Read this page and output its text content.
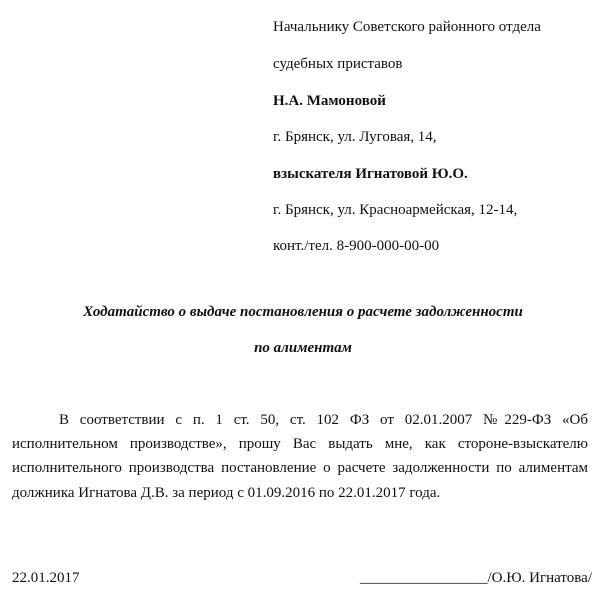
Начальнику Советского районного отдела
судебных приставов
Н.А. Мамоновой
г. Брянск, ул. Луговая, 14,
взыскателя Игнатовой Ю.О.
г. Брянск, ул. Красноармейская, 12-14,
конт./тел. 8-900-000-00-00
Ходатайство о выдаче постановления о расчете задолженности
по алиментам
В соответствии с п. 1 ст. 50, ст. 102 ФЗ от 02.01.2007 №229-ФЗ «Об исполнительном производстве», прошу Вас выдать мне, как стороне-взыскателю исполнительного производства постановление о расчете задолженности по алиментам должника Игнатова Д.В. за период с 01.09.2016 по 22.01.2017 года.
22.01.2017	_________________/О.Ю. Игнатова/
